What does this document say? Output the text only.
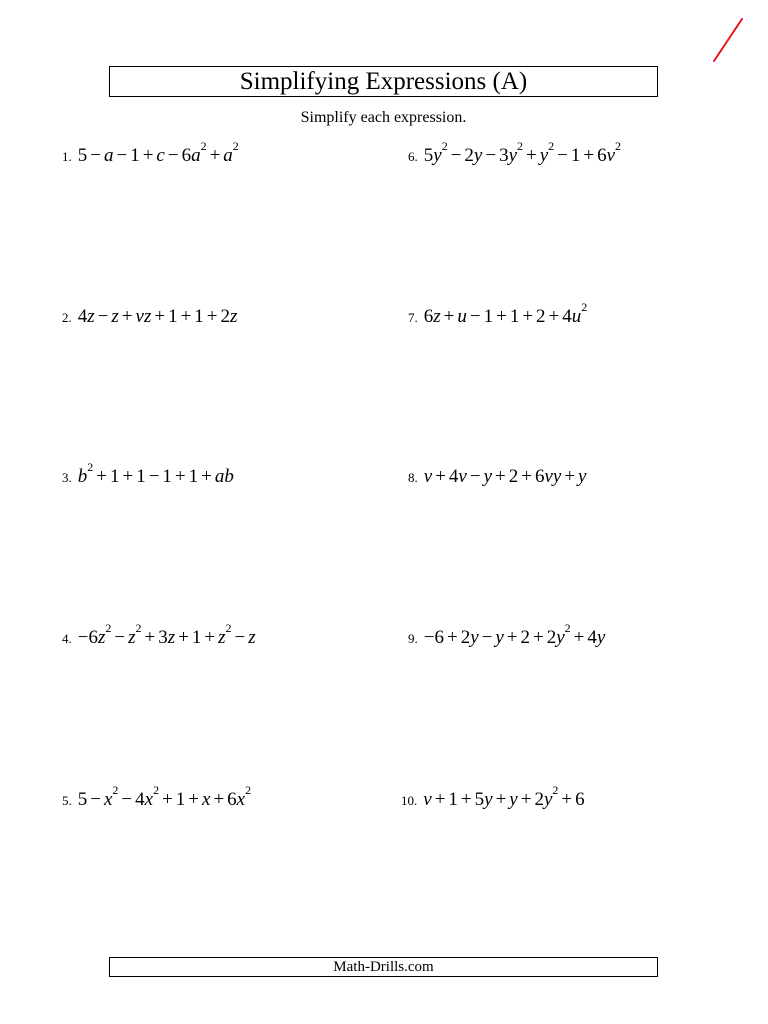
Simplifying Expressions (A)
Simplify each expression.
1. $5 - a - 1 + c - 6a^2 + a^2$
2. 4z − z + vz + 1 + 1 + 2z
3. $b^2 + 1 + 1 - 1 + 1$ + ab
4. $-6z^2 - z^2 + 3z + 1 + z^2 - z$
5. $5 - x^2 - 4x^2 + 1 + x + 6x^2$
6. $5y^2 - 2y - 3y^2 + y^2 - 1 + 6v^2$
7. $6z + u - 1 + 1 + 2 + 4u^2$
8. v + 4v − y + 2 + 6vy + y
9. $-6 + 2y - y + 2 + 2y^2 + 4y$
10. $v + 1 + 5y + y + 2y^2 + 6$
Math-Drills.com
